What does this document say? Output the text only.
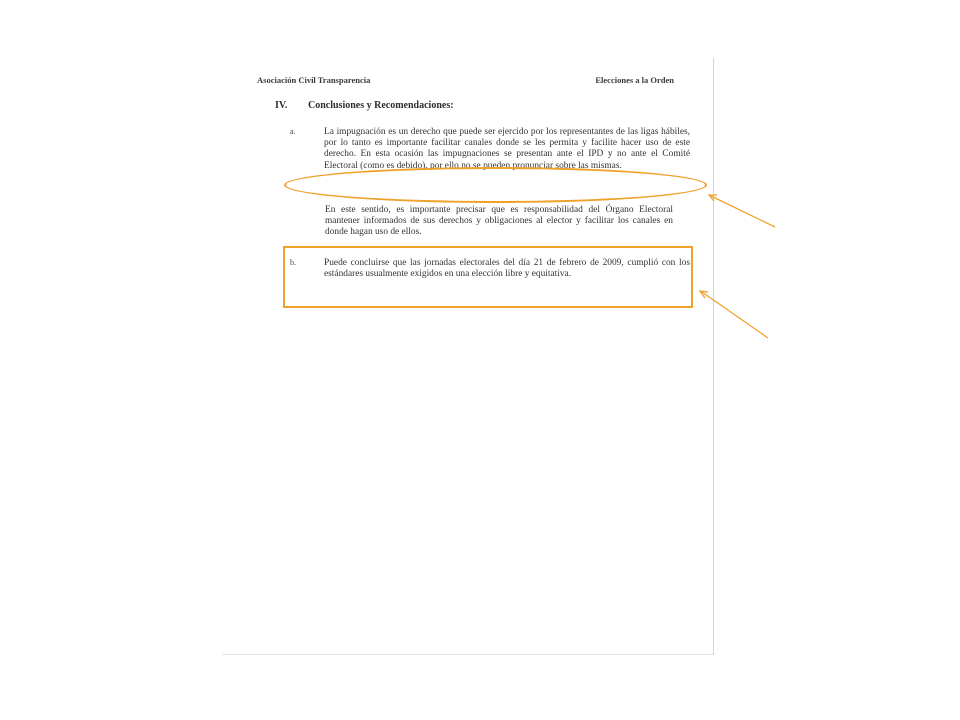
Asociación Civil Transparencia	Elecciones a la Orden
IV. Conclusiones y Recomendaciones:
a.	La impugnación es un derecho que puede ser ejercido por los representantes de las ligas hábiles, por lo tanto es importante facilitar canales donde se les permita y facilite hacer uso de este derecho. En esta ocasión las impugnaciones se presentan ante el IPD y no ante el Comité Electoral (como es debido), por ello no se pueden pronunciar sobre las mismas.
En este sentido, es importante precisar que es responsabilidad del Órgano Electoral mantener informados de sus derechos y obligaciones al elector y facilitar los canales en donde hagan uso de ellos.
b.	Puede concluirse que las jornadas electorales del día 21 de febrero de 2009, cumplió con los estándares usualmente exigidos en una elección libre y equitativa.
